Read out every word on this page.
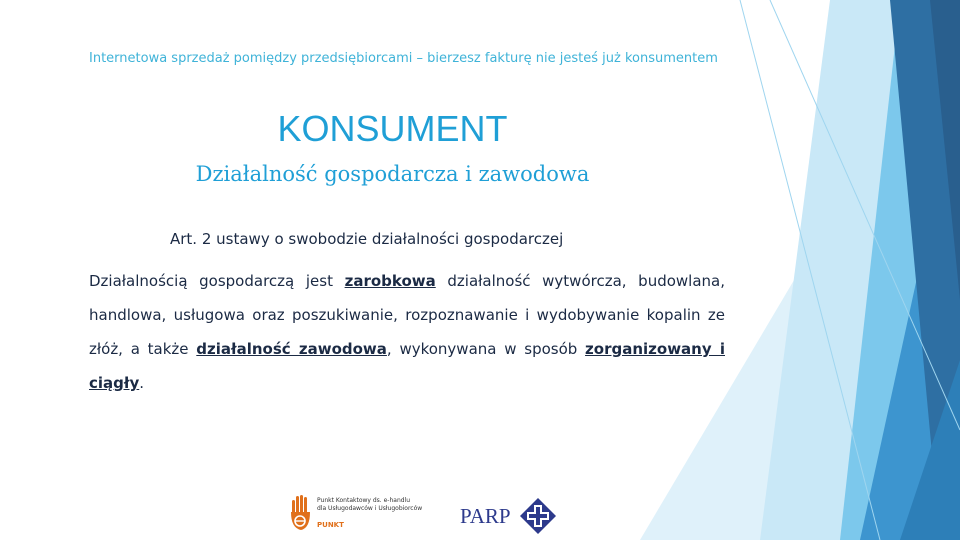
Internetowa sprzedaż pomiędzy przedsiębiorcami – bierzesz fakturę nie jesteś już konsumentem
KONSUMENT
Działalność gospodarcza i zawodowa
Art. 2 ustawy o swobodzie działalności gospodarczej
Działalnością gospodarczą jest zarobkowa działalność wytwórcza, budowlana, handlowa, usługowa oraz poszukiwanie, rozpoznawanie i wydobywanie kopalin ze złóż, a także działalność zawodowa, wykonywana w sposób zorganizowany i ciągły.
Punkt Kontaktowy ds. e-handlu
dla Usługodawców i Usługobiorców
PUNKT	PARP
